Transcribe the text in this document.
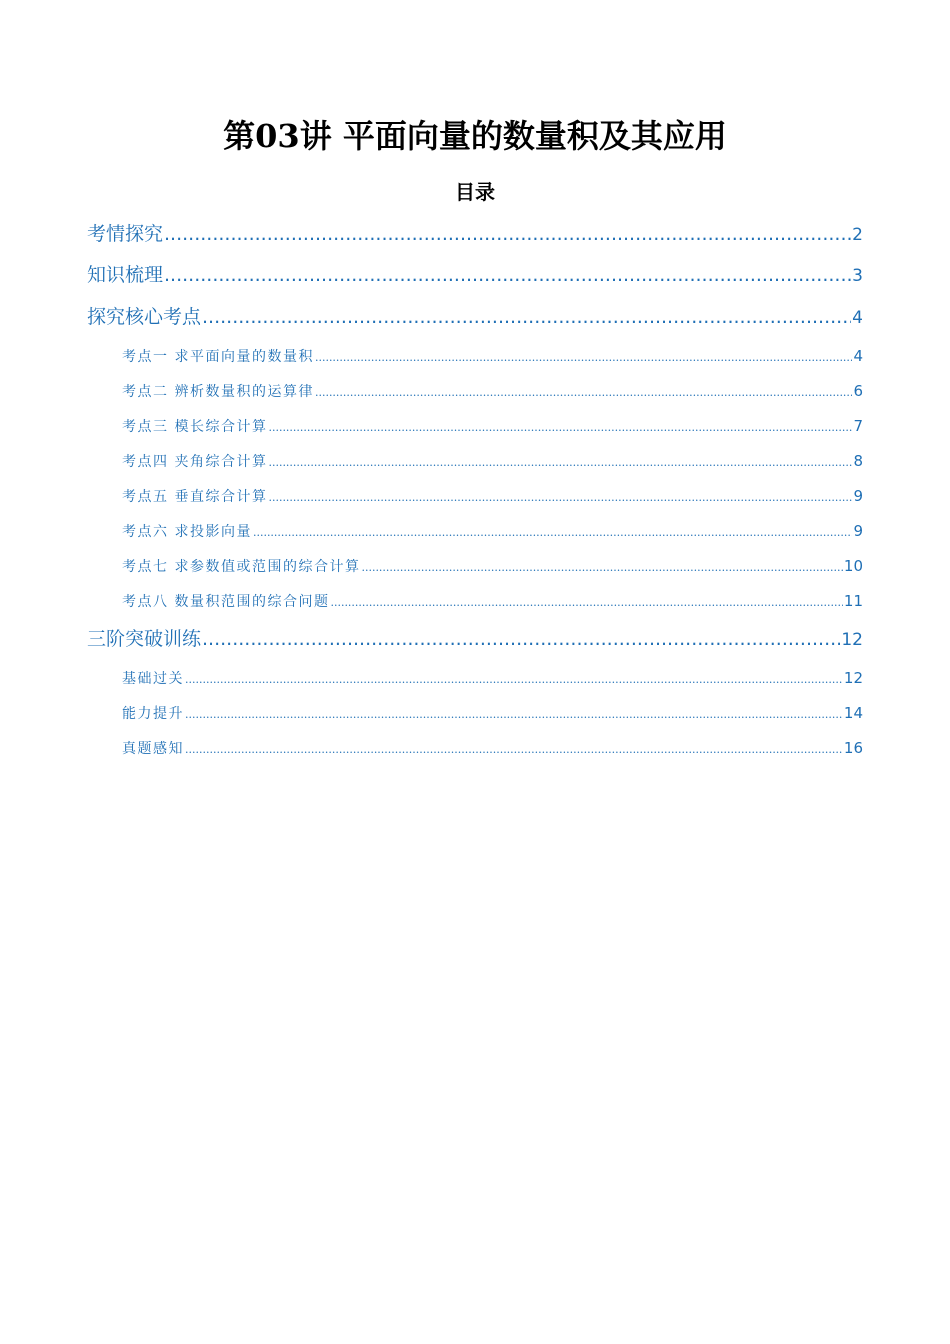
第03讲 平面向量的数量积及其应用
目录
考情探究 .....	2
知识梳理 .....	3
探究核心考点 .....	4
考点一 求平面向量的数量积 .....	4
考点二 辨析数量积的运算律 .....	6
考点三 模长综合计算 .....	7
考点四 夹角综合计算 .....	8
考点五 垂直综合计算 .....	9
考点六 求投影向量 .....	9
考点七 求参数值或范围的综合计算 .....	10
考点八 数量积范围的综合问题 .....	11
三阶突破训练 .....	12
基础过关 .....	12
能力提升 .....	14
真题感知 .....	16
